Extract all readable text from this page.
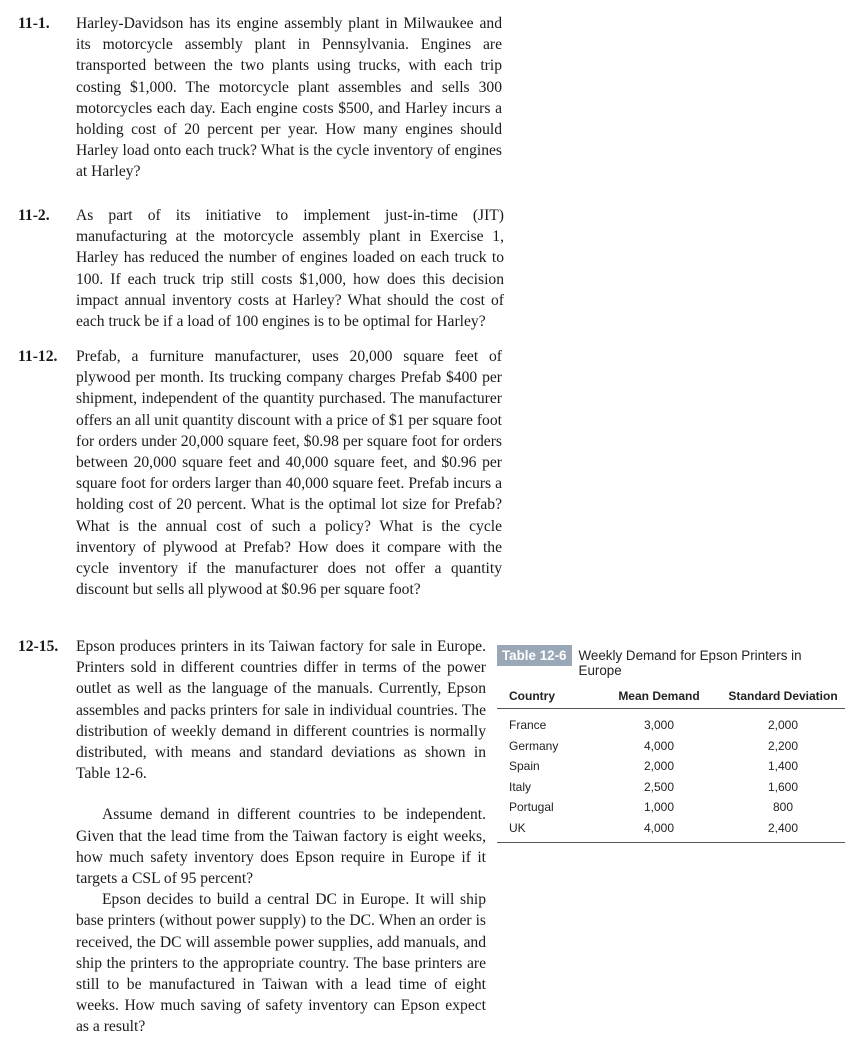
11-1. Harley-Davidson has its engine assembly plant in Milwaukee and its motorcycle assembly plant in Pennsylvania. Engines are transported between the two plants using trucks, with each trip costing $1,000. The motorcycle plant assembles and sells 300 motorcycles each day. Each engine costs $500, and Harley incurs a holding cost of 20 percent per year. How many engines should Harley load onto each truck? What is the cycle inventory of engines at Harley?

11-2. As part of its initiative to implement just-in-time (JIT) manufacturing at the motorcycle assembly plant in Exercise 1, Harley has reduced the number of engines loaded on each truck to 100. If each truck trip still costs $1,000, how does this decision impact annual inventory costs at Harley? What should the cost of each truck be if a load of 100 engines is to be optimal for Harley?

11-12. Prefab, a furniture manufacturer, uses 20,000 square feet of plywood per month. Its trucking company charges Prefab $400 per shipment, independent of the quantity purchased. The manufacturer offers an all unit quantity discount with a price of $1 per square foot for orders under 20,000 square feet, $0.98 per square foot for orders between 20,000 square feet and 40,000 square feet, and $0.96 per square foot for orders larger than 40,000 square feet. Prefab incurs a holding cost of 20 percent. What is the optimal lot size for Prefab? What is the annual cost of such a policy? What is the cycle inventory of plywood at Prefab? How does it compare with the cycle inventory if the manufacturer does not offer a quantity discount but sells all plywood at $0.96 per square foot?

12-15. Epson produces printers in its Taiwan factory for sale in Europe. Printers sold in different countries differ in terms of the power outlet as well as the language of the manuals. Currently, Epson assembles and packs printers for sale in individual countries. The distribution of weekly demand in different countries is normally distributed, with means and standard deviations as shown in Table 12-6.

Assume demand in different countries to be independent. Given that the lead time from the Taiwan factory is eight weeks, how much safety inventory does Epson require in Europe if it targets a CSL of 95 percent?

Epson decides to build a central DC in Europe. It will ship base printers (without power supply) to the DC. When an order is received, the DC will assemble power supplies, add manuals, and ship the printers to the appropriate country. The base printers are still to be manufactured in Taiwan with a lead time of eight weeks. How much saving of safety inventory can Epson expect as a result?

Table 12-6 Weekly Demand for Epson Printers in Europe
Country	Mean Demand	Standard Deviation
France	3,000	2,000
Germany	4,000	2,200
Spain	2,000	1,400
Italy	2,500	1,600
Portugal	1,000	800
UK	4,000	2,400
